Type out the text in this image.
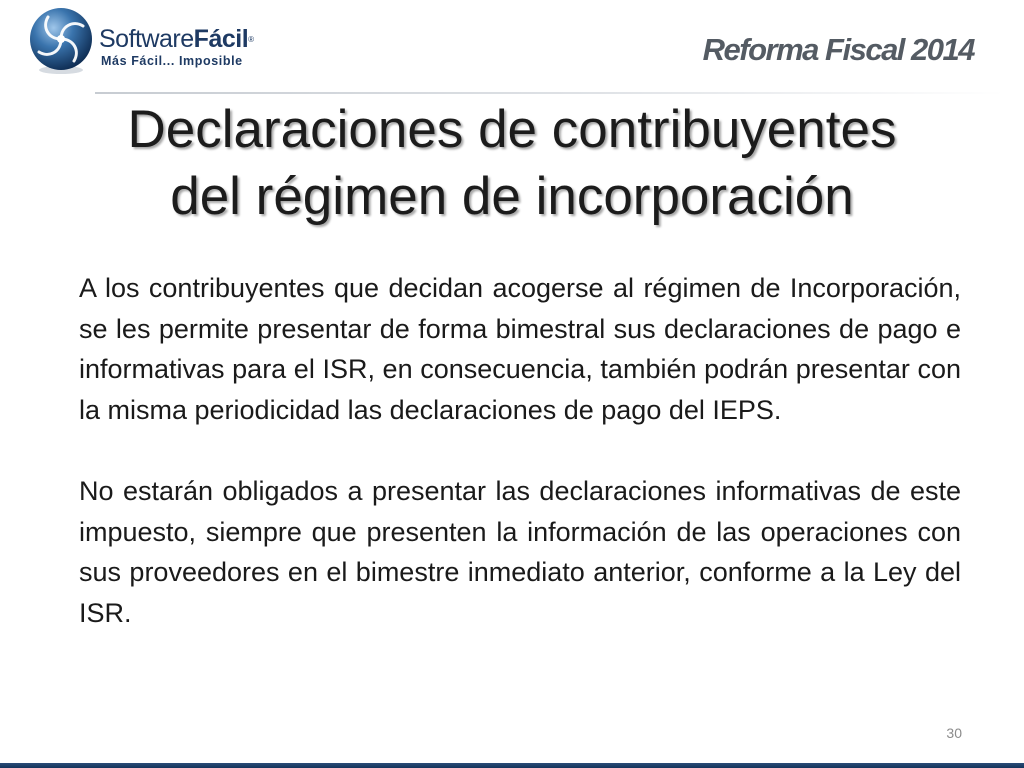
SoftwareFácil®
Más Fácil... Imposible	Reforma Fiscal 2014
Declaraciones de contribuyentes
del régimen de incorporación

A los contribuyentes que decidan acogerse al régimen de Incorporación, se les permite presentar de forma bimestral sus declaraciones de pago e informativas para el ISR, en consecuencia, también podrán presentar con la misma periodicidad las declaraciones de pago del IEPS.

No estarán obligados a presentar las declaraciones informativas de este impuesto, siempre que presenten la información de las operaciones con sus proveedores en el bimestre inmediato anterior, conforme a la Ley del ISR.

30
